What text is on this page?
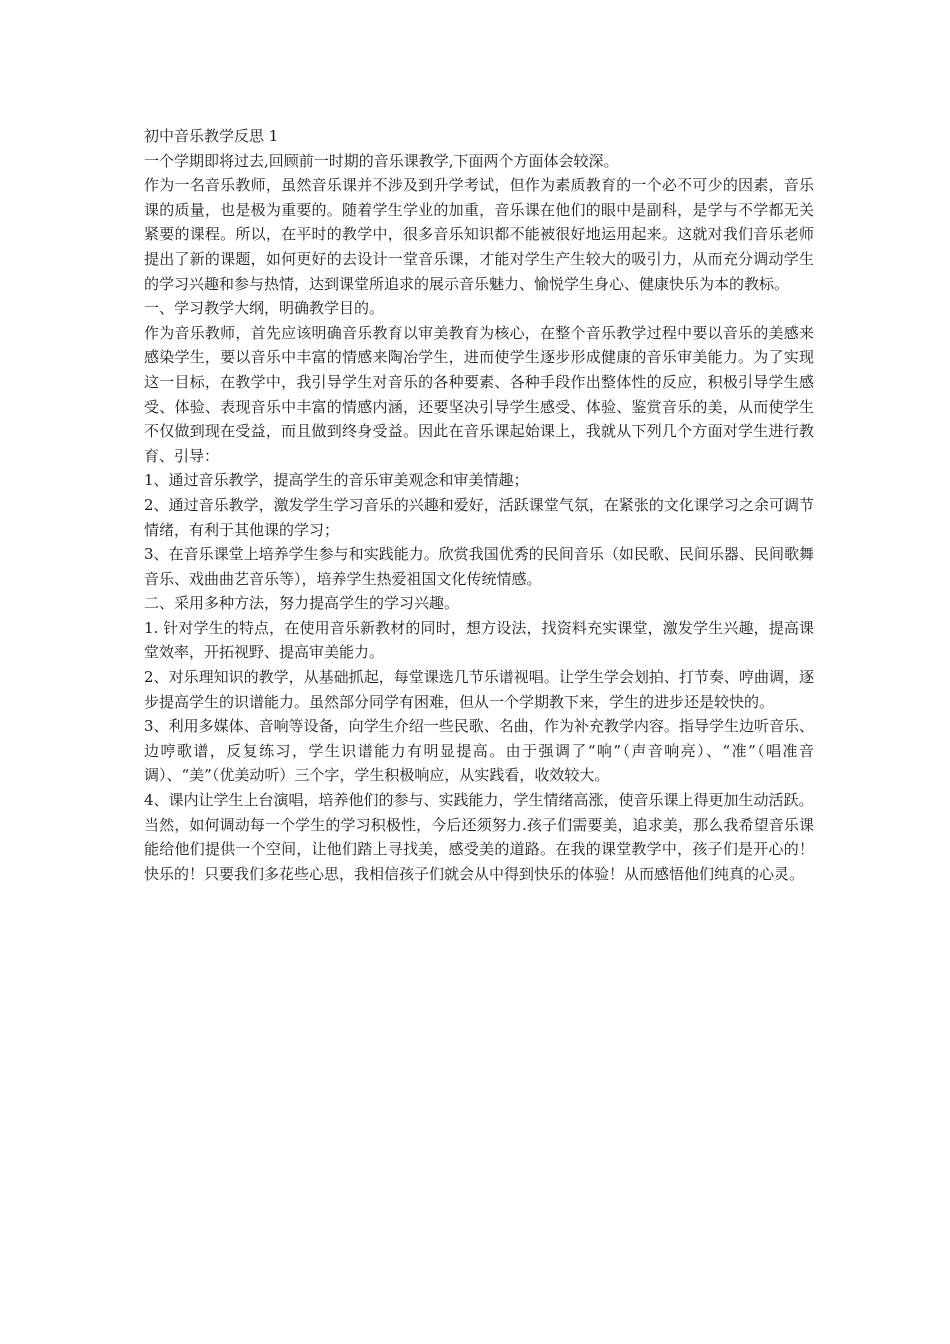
初中音乐教学反思 1

一个学期即将过去,回顾前一时期的音乐课教学,下面两个方面体会较深。

作为一名音乐教师，虽然音乐课并不涉及到升学考试，但作为素质教育的一个必不可少的因素，音乐课的质量，也是极为重要的。随着学生学业的加重，音乐课在他们的眼中是副科，是学与不学都无关紧要的课程。所以，在平时的教学中，很多音乐知识都不能被很好地运用起来。这就对我们音乐老师提出了新的课题，如何更好的去设计一堂音乐课，才能对学生产生较大的吸引力，从而充分调动学生的学习兴趣和参与热情，达到课堂所追求的展示音乐魅力、愉悦学生身心、健康快乐为本的教标。

一、学习教学大纲，明确教学目的。

作为音乐教师，首先应该明确音乐教育以审美教育为核心，在整个音乐教学过程中要以音乐的美感来感染学生，要以音乐中丰富的情感来陶冶学生，进而使学生逐步形成健康的音乐审美能力。为了实现这一目标，在教学中，我引导学生对音乐的各种要素、各种手段作出整体性的反应，积极引导学生感受、体验、表现音乐中丰富的情感内涵，还要坚决引导学生感受、体验、鉴赏音乐的美，从而使学生不仅做到现在受益，而且做到终身受益。因此在音乐课起始课上，我就从下列几个方面对学生进行教育、引导：

1、通过音乐教学，提高学生的音乐审美观念和审美情趣；

2、通过音乐教学，激发学生学习音乐的兴趣和爱好，活跃课堂气氛，在紧张的文化课学习之余可调节情绪，有利于其他课的学习；

3、在音乐课堂上培养学生参与和实践能力。欣赏我国优秀的民间音乐（如民歌、民间乐器、民间歌舞音乐、戏曲曲艺音乐等），培养学生热爱祖国文化传统情感。

二、采用多种方法，努力提高学生的学习兴趣。

1. 针对学生的特点，在使用音乐新教材的同时，想方设法，找资料充实课堂，激发学生兴趣，提高课堂效率，开拓视野、提高审美能力。

2、对乐理知识的教学，从基础抓起，每堂课选几节乐谱视唱。让学生学会划拍、打节奏、哼曲调，逐步提高学生的识谱能力。虽然部分同学有困难，但从一个学期教下来，学生的进步还是较快的。

3、利用多媒体、音响等设备，向学生介绍一些民歌、名曲，作为补充教学内容。指导学生边听音乐、边哼歌谱，反复练习，学生识谱能力有明显提高。由于强调了“响”（声音响亮）、“准”（唱准音调）、“美”（优美动听）三个字，学生积极响应，从实践看，收效较大。

4、课内让学生上台演唱，培养他们的参与、实践能力，学生情绪高涨，使音乐课上得更加生动活跃。

当然，如何调动每一个学生的学习积极性，今后还须努力.孩子们需要美，追求美，那么我希望音乐课能给他们提供一个空间，让他们踏上寻找美，感受美的道路。在我的课堂教学中，孩子们是开心的！快乐的！只要我们多花些心思，我相信孩子们就会从中得到快乐的体验！从而感悟他们纯真的心灵。
